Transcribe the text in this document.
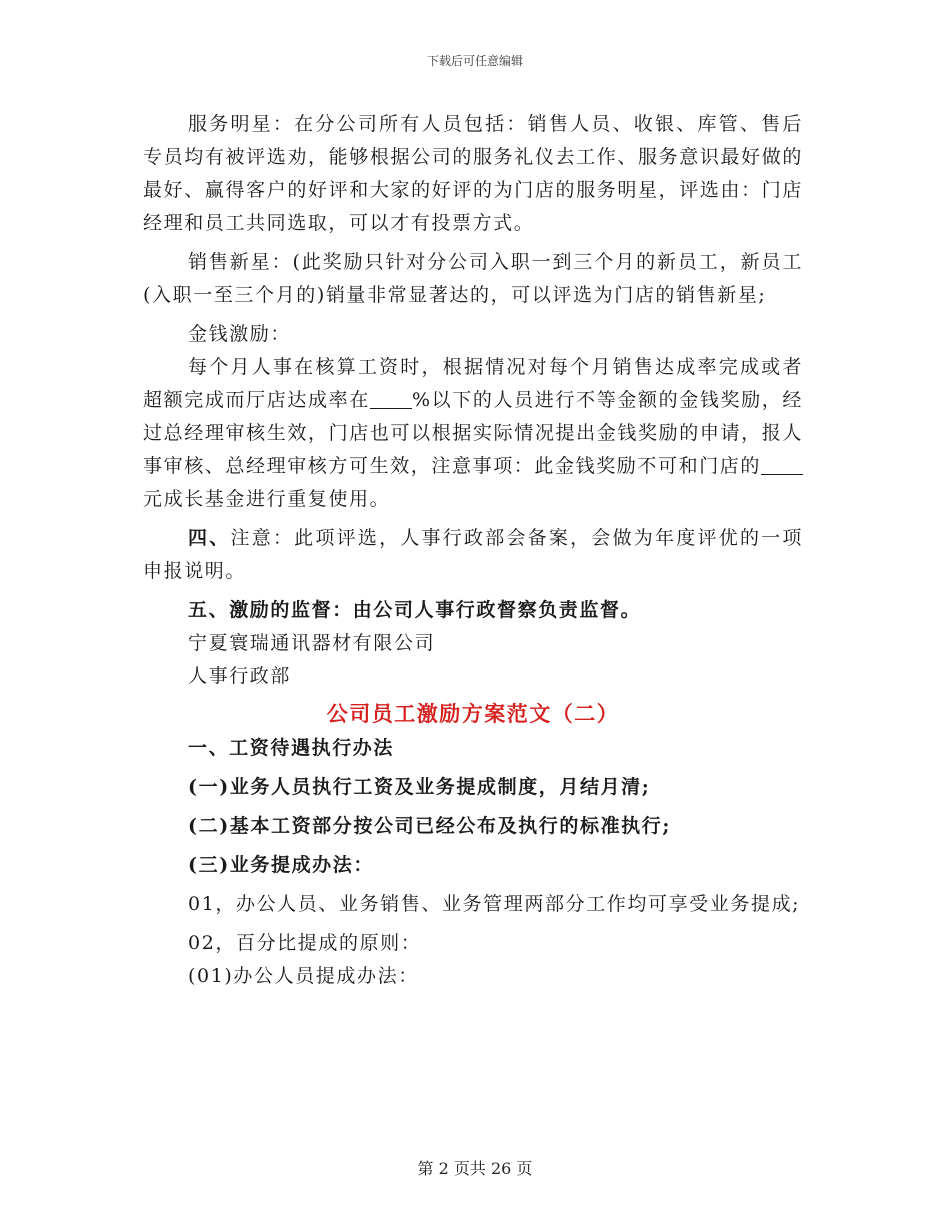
下载后可任意编辑

服务明星：在分公司所有人员包括：销售人员、收银、库管、售后专员均有被评选劝，能够根据公司的服务礼仪去工作、服务意识最好做的最好、赢得客户的好评和大家的好评的为门店的服务明星，评选由：门店经理和员工共同选取，可以才有投票方式。

销售新星：(此奖励只针对分公司入职一到三个月的新员工，新员工(入职一至三个月的)销量非常显著达的，可以评选为门店的销售新星;

金钱激励：

每个月人事在核算工资时，根据情况对每个月销售达成率完成或者超额完成而厅店达成率在 %以下的人员进行不等金额的金钱奖励，经过总经理审核生效，门店也可以根据实际情况提出金钱奖励的申请，报人事审核、总经理审核方可生效，注意事项：此金钱奖励不可和门店的元成长基金进行重复使用。

四、注意：此项评选，人事行政部会备案，会做为年度评优的一项申报说明。

五、激励的监督：由公司人事行政督察负责监督。

宁夏寰瑞通讯器材有限公司

人事行政部

公司员工激励方案范文（二）

一、工资待遇执行办法

(一)业务人员执行工资及业务提成制度，月结月清;

(二)基本工资部分按公司已经公布及执行的标准执行;

(三)业务提成办法：

01，办公人员、业务销售、业务管理两部分工作均可享受业务提成;

02，百分比提成的原则：

(01)办公人员提成办法：

第 2 页共 26 页
